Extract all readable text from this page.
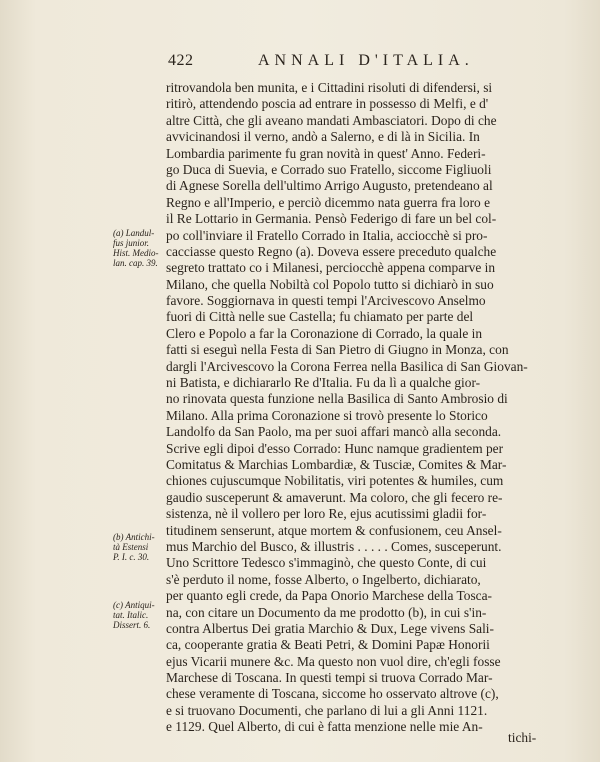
422	ANNALI D'ITALIA.
ritrovandola ben munita, e i Cittadini risoluti di difendersi, si
ritirò, attendendo poscia ad entrare in possesso di Melfi, e d'
altre Città, che gli aveano mandati Ambasciatori. Dopo di che
avvicinandosi il verno, andò a Salerno, e di là in Sicilia. In
Lombardia parimente fu gran novità in quest' Anno. Federi-
go Duca di Suevia, e Corrado suo Fratello, siccome Figliuoli
di Agnese Sorella dell'ultimo Arrigo Augusto, pretendeano al
Regno e all'Imperio, e perciò dicemmo nata guerra fra loro e
il Re Lottario in Germania. Pensò Federigo di fare un bel col-
po coll'inviare il Fratello Corrado in Italia, acciocchè si pro-
cacciasse questo Regno (a). Doveva essere preceduto qualche
segreto trattato co i Milanesi, perciocchè appena comparve in
Milano, che quella Nobiltà col Popolo tutto si dichiarò in suo
favore. Soggiornava in questi tempi l'Arcivescovo Anselmo
fuori di Città nelle sue Castella; fu chiamato per parte del
Clero e Popolo a far la Coronazione di Corrado, la quale in
fatti si eseguì nella Festa di San Pietro di Giugno in Monza, con
dargli l'Arcivescovo la Corona Ferrea nella Basilica di San Giovan-
ni Batista, e dichiararlo Re d'Italia. Fu da lì a qualche gior-
no rinovata questa funzione nella Basilica di Santo Ambrosio di
Milano. Alla prima Coronazione si trovò presente lo Storico
Landolfo da San Paolo, ma per suoi affari mancò alla seconda.
Scrive egli dipoi d'esso Corrado: Hunc namque gradientem per
Comitatus & Marchias Lombardiæ, & Tusciæ, Comites & Mar-
chiones cujuscumque Nobilitatis, viri potentes & humiles, cum
gaudio susceperunt & amaverunt. Ma coloro, che gli fecero re-
sistenza, nè il vollero per loro Re, ejus acutissimi gladii for-
titudinem senserunt, atque mortem & confusionem, ceu Ansel-
mus Marchio del Busco, & illustris . . . . . Comes, susceperunt.
Uno Scrittore Tedesco s'immaginò, che questo Conte, di cui
s'è perduto il nome, fosse Alberto, o Ingelberto, dichiarato,
per quanto egli crede, da Papa Onorio Marchese della Tosca-
na, con citare un Documento da me prodotto (b), in cui s'in-
contra Albertus Dei gratia Marchio & Dux, Lege vivens Sali-
ca, cooperante gratia & Beati Petri, & Domini Papæ Honorii
ejus Vicarii munere &c. Ma questo non vuol dire, ch'egli fosse
Marchese di Toscana. In questi tempi si truova Corrado Mar-
chese veramente di Toscana, siccome ho osservato altrove (c),
e si truovano Documenti, che parlano di lui a gli Anni 1121.
e 1129. Quel Alberto, di cui è fatta menzione nelle mie An-
tichi-
(a) Landul-
fus junior.
Hist. Medio-
lan. cap. 39.
(b) Antichi-
tà Estensi
P. I. c. 30.
(c) Antiqui-
tat. Italic.
Dissert. 6.
